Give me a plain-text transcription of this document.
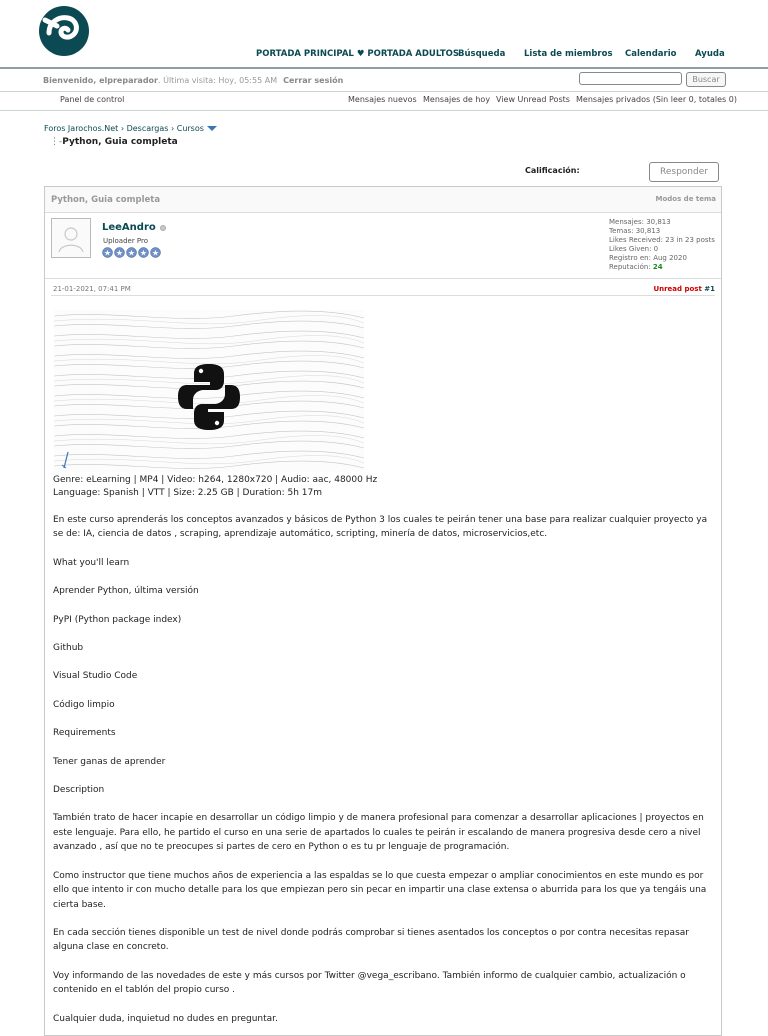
PORTADA PRINCIPAL ♥ PORTADA ADULTOS Búsqueda Lista de miembros Calendario Ayuda
Bienvenido, elpreparador. Última visita: Hoy, 05:55 AM Cerrar sesión	Buscar
Panel de control	Mensajes nuevos Mensajes de hoy View Unread Posts Mensajes privados (Sin leer 0, totales 0)
Foros Jarochos.Net › Descargas › Cursos
⋮-Python, Guia completa
Calificación:	Responder
Python, Guia completa	Modos de tema
LeeAndro
Uploader Pro
★ ★ ★ ★ ★
Mensajes: 30,813
Temas: 30,813
Likes Received: 23 in 23 posts
Likes Given: 0
Registro en: Aug 2020
Reputación: 24
21-01-2021, 07:41 PM	Unread post #1
Genre: eLearning | MP4 | Video: h264, 1280x720 | Audio: aac, 48000 Hz
Language: Spanish | VTT | Size: 2.25 GB | Duration: 5h 17m

En este curso aprenderás los conceptos avanzados y básicos de Python 3 los cuales te peirán tener una base para realizar cualquier proyecto ya se de: IA, ciencia de datos , scraping, aprendizaje automático, scripting, minería de datos, microservicios,etc.

What you'll learn

Aprender Python, última versión

PyPI (Python package index)

Github

Visual Studio Code

Código limpio

Requirements

Tener ganas de aprender

Description

También trato de hacer incapie en desarrollar un código limpio y de manera profesional para comenzar a desarrollar aplicaciones | proyectos en este lenguaje. Para ello, he partido el curso en una serie de apartados lo cuales te peirán ir escalando de manera progresiva desde cero a nivel avanzado , así que no te preocupes si partes de cero en Python o es tu pr lenguaje de programación.

Como instructor que tiene muchos años de experiencia a las espaldas se lo que cuesta empezar o ampliar conocimientos en este mundo es por ello que intento ir con mucho detalle para los que empiezan pero sin pecar en impartir una clase extensa o aburrida para los que ya tengáis una cierta base.

En cada sección tienes disponible un test de nivel donde podrás comprobar si tienes asentados los conceptos o por contra necesitas repasar alguna clase en concreto.

Voy informando de las novedades de este y más cursos por Twitter @vega_escribano. También informo de cualquier cambio, actualización o contenido en el tablón del propio curso .

Cualquier duda, inquietud no dudes en preguntar.
